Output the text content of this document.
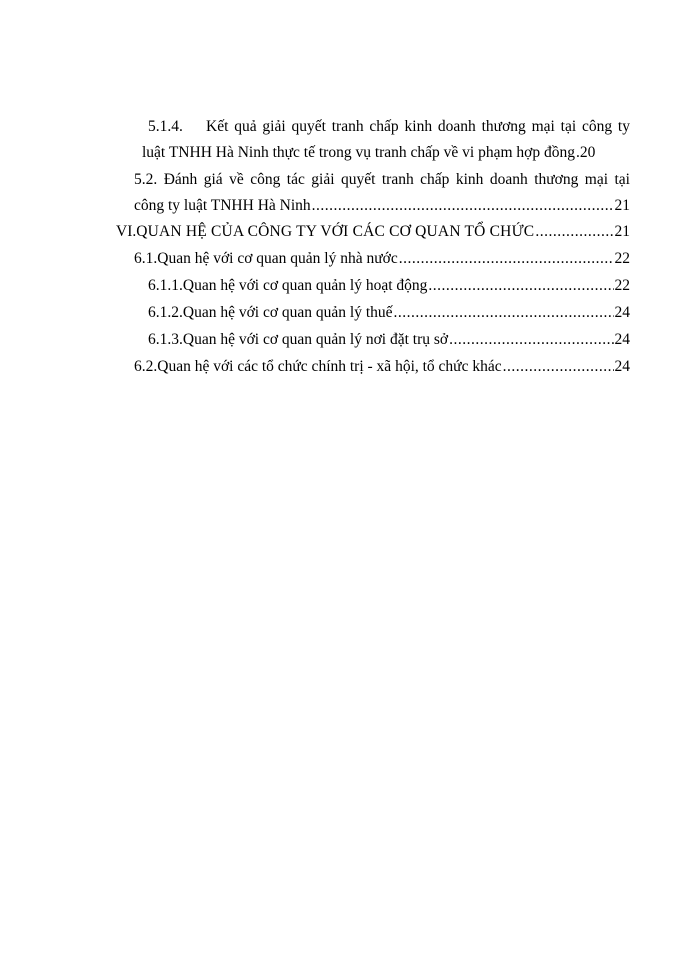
5.1.4.	Kết quả giải quyết tranh chấp kinh doanh thương mại tại công ty
luật TNHH Hà Ninh thực tế trong vụ tranh chấp về vi phạm hợp đồng . 20
5.2. Đánh giá về công tác giải quyết tranh chấp kinh doanh thương mại tại
công ty luật TNHH Hà Ninh .....	21
VI. QUAN HỆ CỦA CÔNG TY VỚI CÁC CƠ QUAN TỔ CHỨC .....	21
6.1. Quan hệ với cơ quan quản lý nhà nước .....	22
6.1.1. Quan hệ với cơ quan quản lý hoạt động .....	22
6.1.2. Quan hệ với cơ quan quản lý thuế .....	24
6.1.3. Quan hệ với cơ quan quản lý nơi đặt trụ sở .....	24
6.2. Quan hệ với các tổ chức chính trị - xã hội, tổ chức khác .....	24
